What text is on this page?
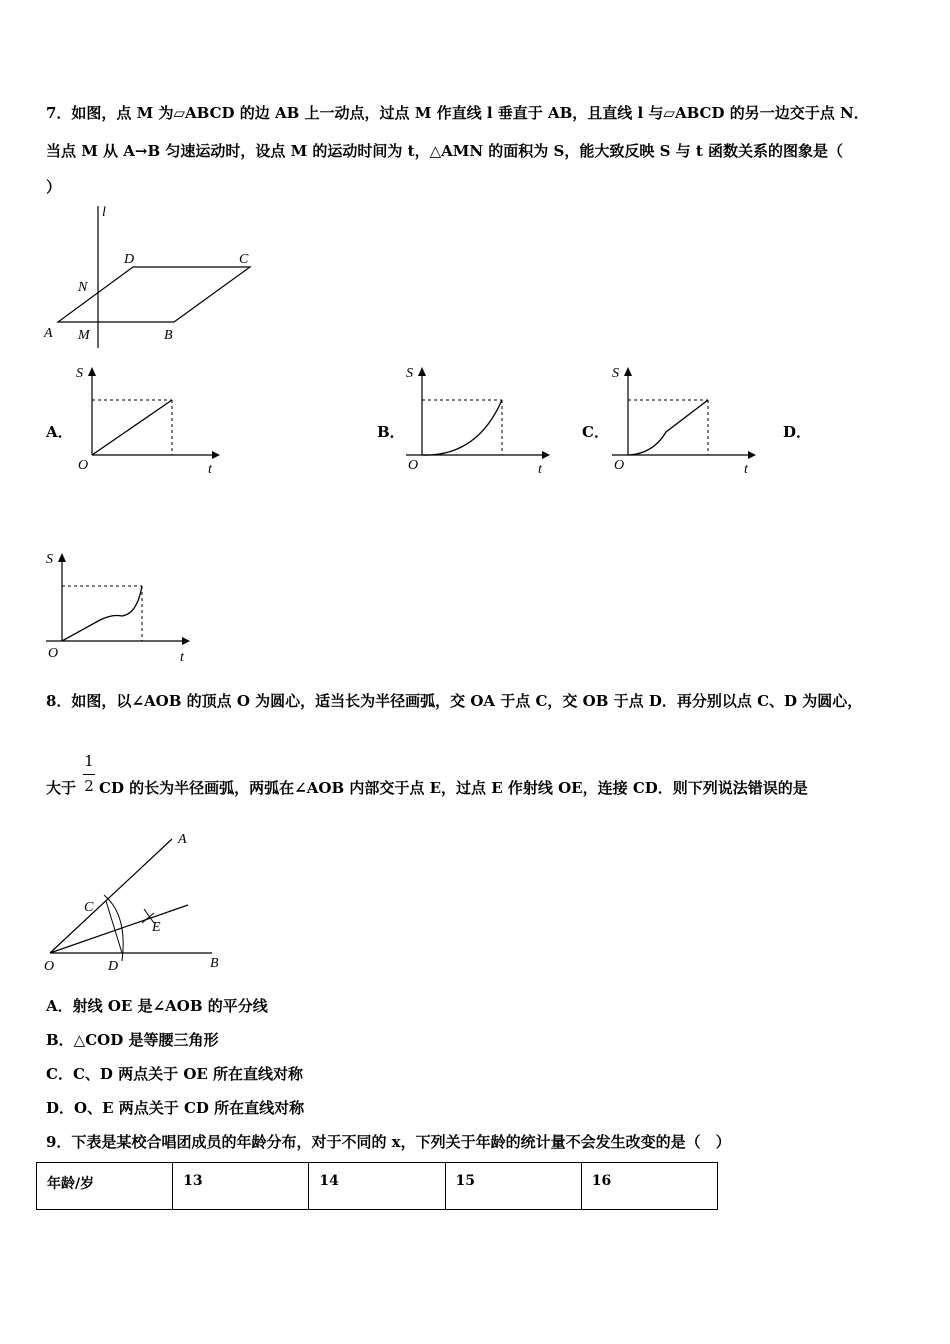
7．如图，点 M 为▱ABCD 的边 AB 上一动点，过点 M 作直线 l 垂直于 AB，且直线 l 与▱ABCD 的另一边交于点 N．
当点 M 从 A→B 匀速运动时，设点 M 的运动时间为 t，△AMN 的面积为 S，能大致反映 S 与 t 函数关系的图象是（
）
l
D	C
N
A M	B
A．	B．	C．	D．
S
t
O
S
t
O
S
t
O
S
t
O
8．如图，以∠AOB 的顶点 O 为圆心，适当长为半径画弧，交 OA 于点 C，交 OB 于点 D．再分别以点 C、D 为圆心，
1
2
大于 CD 的长为半径画弧，两弧在∠AOB 内部交于点 E，过点 E 作射线 OE，连接 CD．则下列说法错误的是
A
C
E
O	D	B
A．射线 OE 是∠AOB 的平分线
B．△COD 是等腰三角形
C．C、D 两点关于 OE 所在直线对称
D．O、E 两点关于 CD 所在直线对称
9．下表是某校合唱团成员的年龄分布，对于不同的 x，下列关于年龄的统计量不会发生改变的是（　）
年龄/岁	13	14	15	16
